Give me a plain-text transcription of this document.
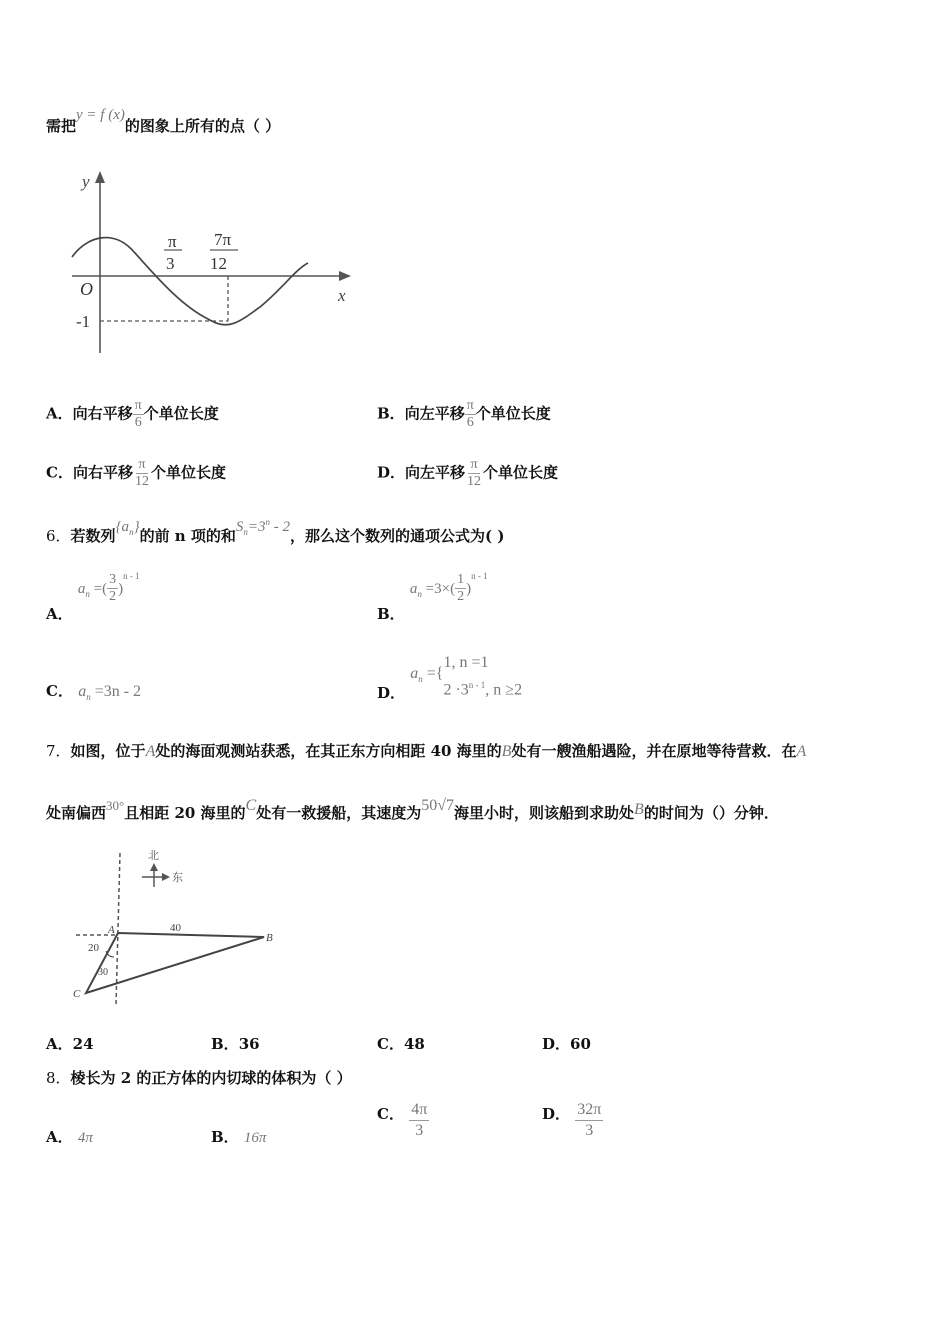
需把y = f (x)的图象上所有的点（ ）
y
x
O
π
3
7π
12
-1
A．向右平移 $\frac{\pi}{6}$ 个单位长度	B．向左平移 $\frac{\pi}{6}$ 个单位长度
C．向右平移 $\frac{\pi}{12}$ 个单位长度	D．向左平移 $\frac{\pi}{12}$ 个单位长度
6．若数列$\{a_n\}$的前 n 项的和$S_n=3^n - 2$，那么这个数列的通项公式为( )
A． $a_n$ =( $\frac{3}{2} )^{n - 1}$
B． $a_n =3\times( \frac{1}{2} )^{n - 1}$
C． $a_n =3n - 2$	D． $a_n$ ={
1, n =1
$2 \cdot 3^{n - 1}$, n ≥2
7．如图，位于A处的海面观测站获悉，在其正东方向相距 40 海里的B处有一艘渔船遇险，并在原地等待营救．在A
处南偏西30°且相距 20 海里的C处有一救援船，其速度为50√7海里小时，则该船到求助处B的时间为（）分钟．
北
东
A
B
C
40
20
30
A．24	B．36	C．48	D．60
8．棱长为 2 的正方体的内切球的体积为（ ）
A． 4π	B． 16π
C． $\frac{4\pi}{3}$	D． $\frac{32\pi}{3}$
